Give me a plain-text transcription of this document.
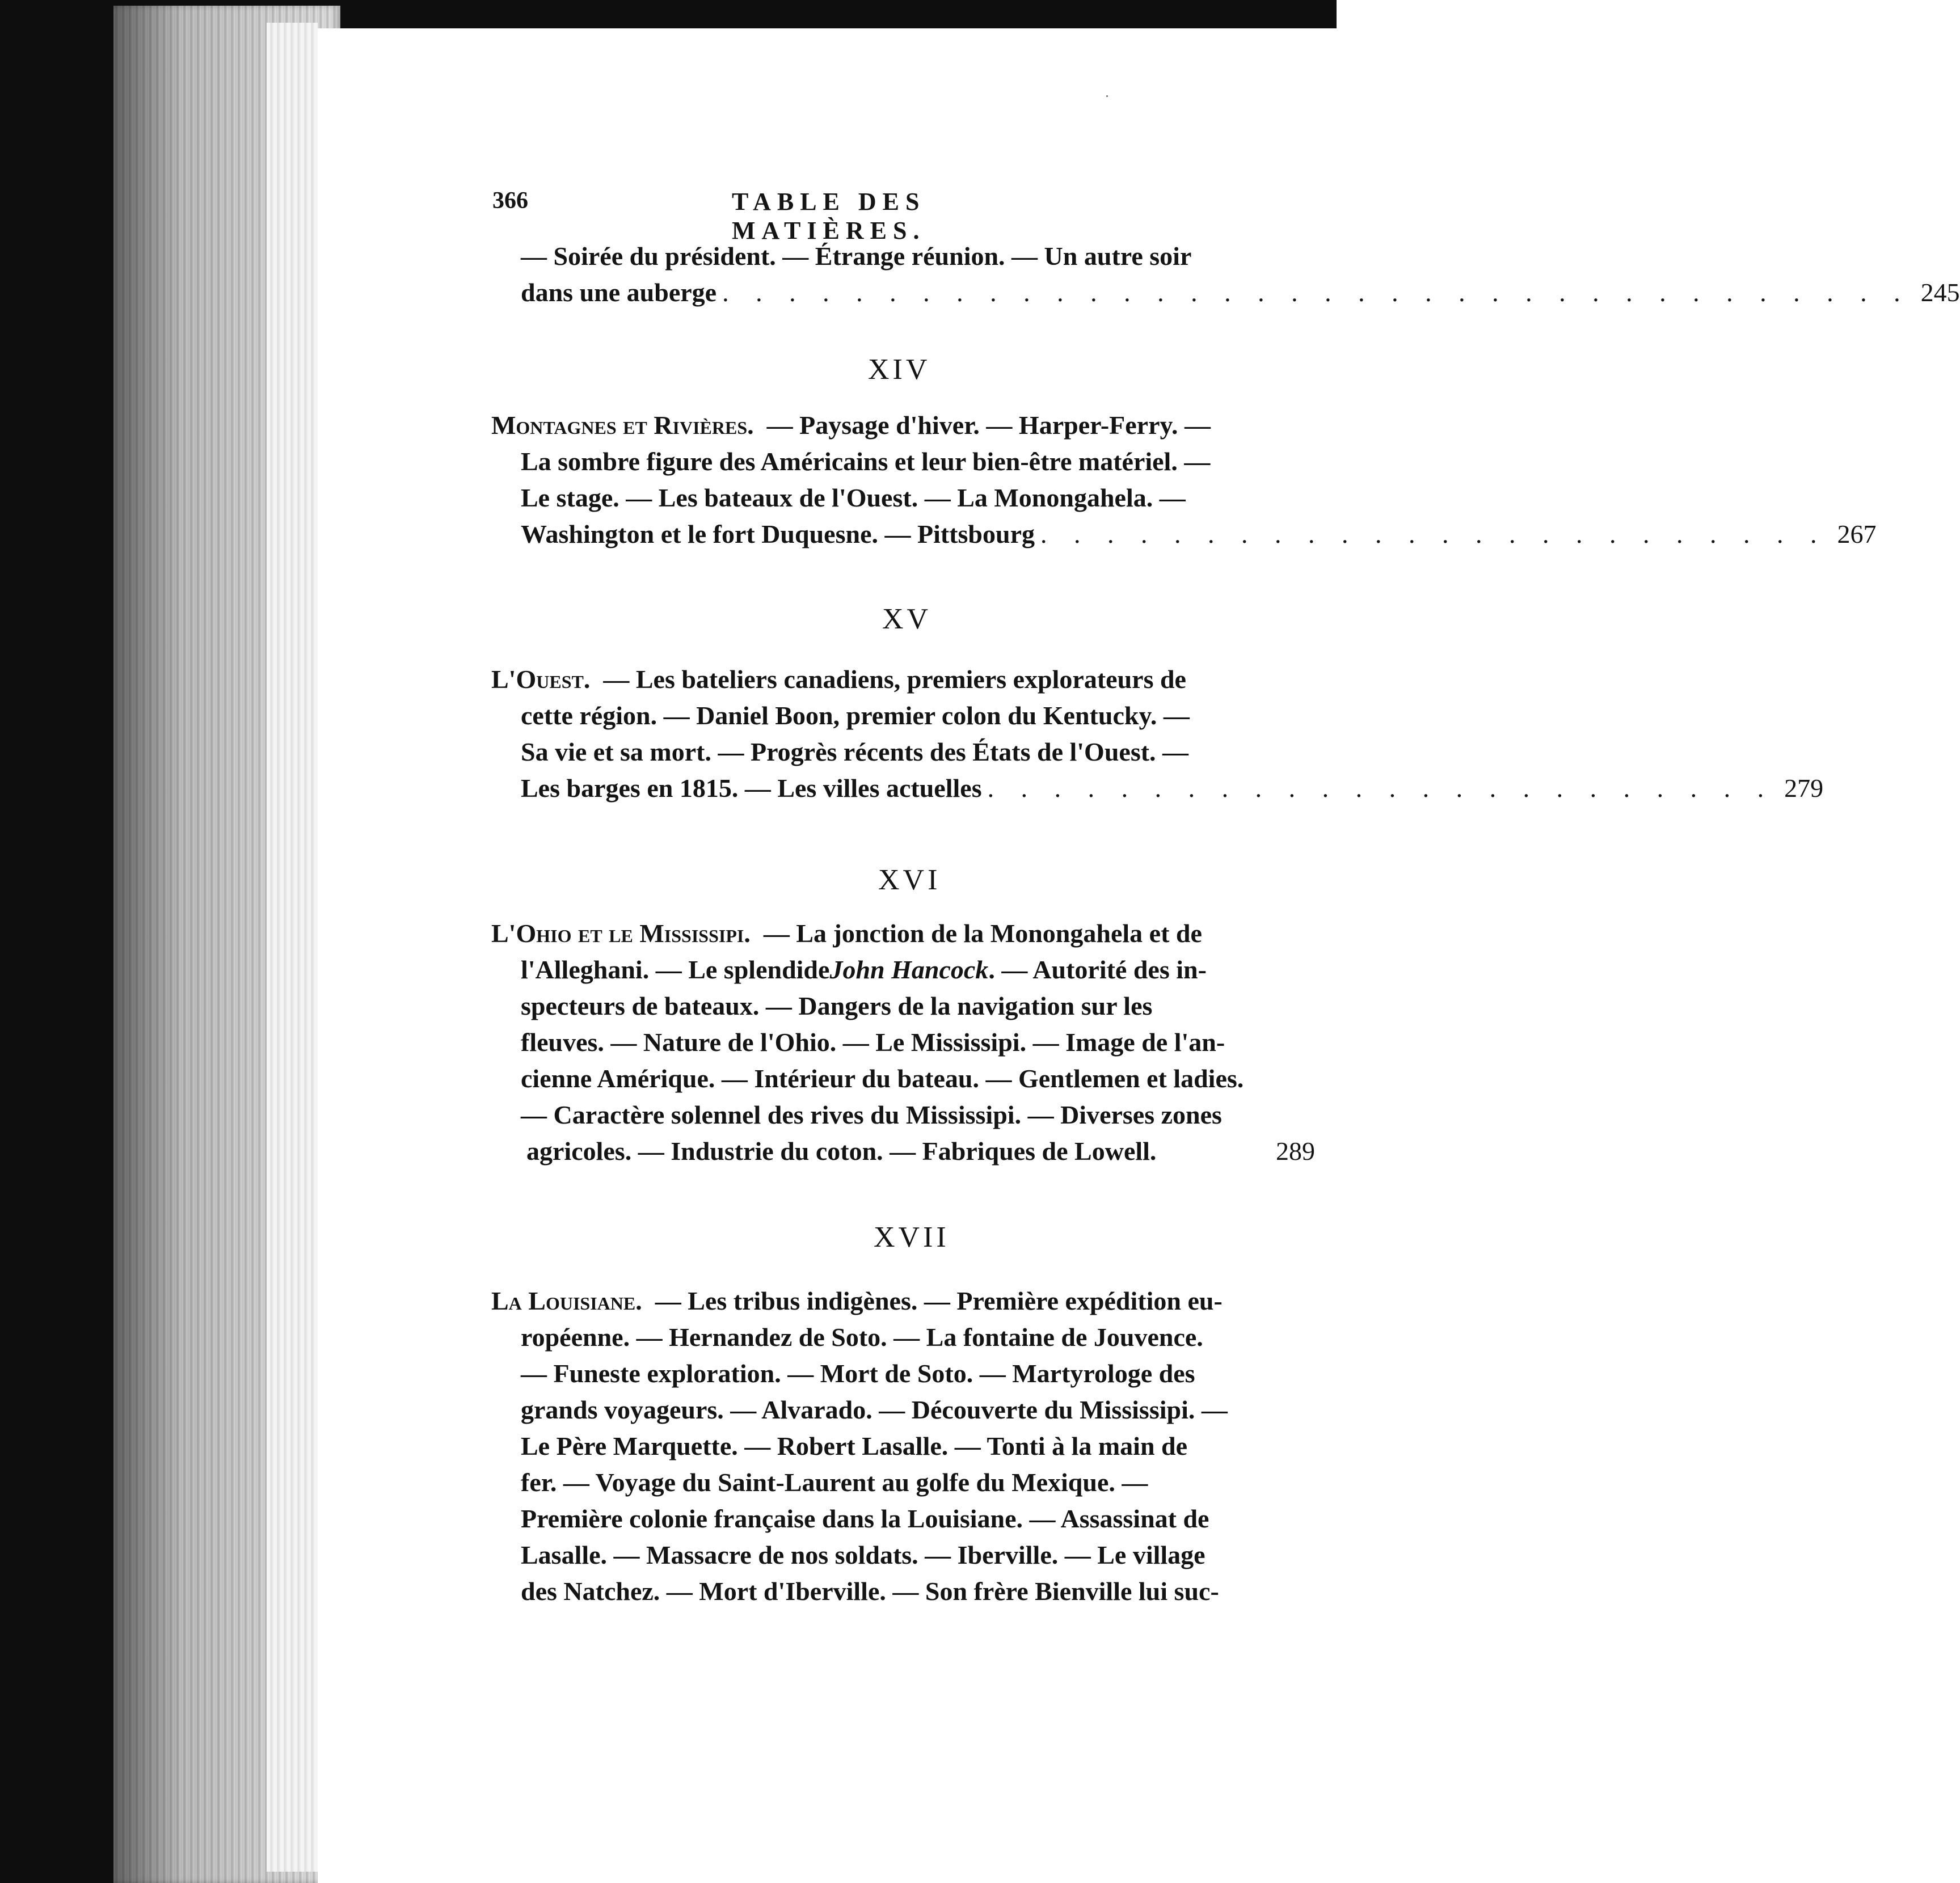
366	TABLE DES MATIÈRES.
— Soirée du président. — Étrange réunion. — Un autre soir
dans une auberge . . . . . . . . . . . . . . . . . . . . . . . . . . . . . . . . . . . . 245
XIV
Montagnes et Rivières.
— Paysage d'hiver. — Harper-Ferry. —
La sombre figure des Américains et leur bien-être matériel. —
Le stage. — Les bateaux de l'Ouest. — La Monongahela. —
Washington et le fort Duquesne. — Pittsbourg . . . . . . . . . . . . . . . . . . . . . . . . 267
XV
L'Ouest.
— Les bateliers canadiens, premiers explorateurs de
cette région. — Daniel Boon, premier colon du Kentucky. —
Sa vie et sa mort. — Progrès récents des États de l'Ouest. —
Les barges en 1815. — Les villes actuelles . . . . . . . . . . . . . . . . . . . . . . . . 279
XVI
L'Ohio et le Mississipi.
— La jonction de la Monongahela et de
l'Alleghani. — Le splendide John Hancock . — Autorité des in-
specteurs de bateaux. — Dangers de la navigation sur les
fleuves. — Nature de l'Ohio. — Le Mississipi. — Image de l'an-
cienne Amérique. — Intérieur du bateau. — Gentlemen et ladies.
— Caractère solennel des rives du Mississipi. — Diverses zones
agricoles. — Industrie du coton. — Fabriques de Lowell.	289
XVII
La Louisiane.
— Les tribus indigènes. — Première expédition eu-
ropéenne. — Hernandez de Soto. — La fontaine de Jouvence.
— Funeste exploration. — Mort de Soto. — Martyrologe des
grands voyageurs. — Alvarado. — Découverte du Mississipi. —
Le Père Marquette. — Robert Lasalle. — Tonti à la main de
fer. — Voyage du Saint-Laurent au golfe du Mexique. —
Première colonie française dans la Louisiane. — Assassinat de
Lasalle. — Massacre de nos soldats. — Iberville. — Le village
des Natchez. — Mort d'Iberville. — Son frère Bienville lui suc-
